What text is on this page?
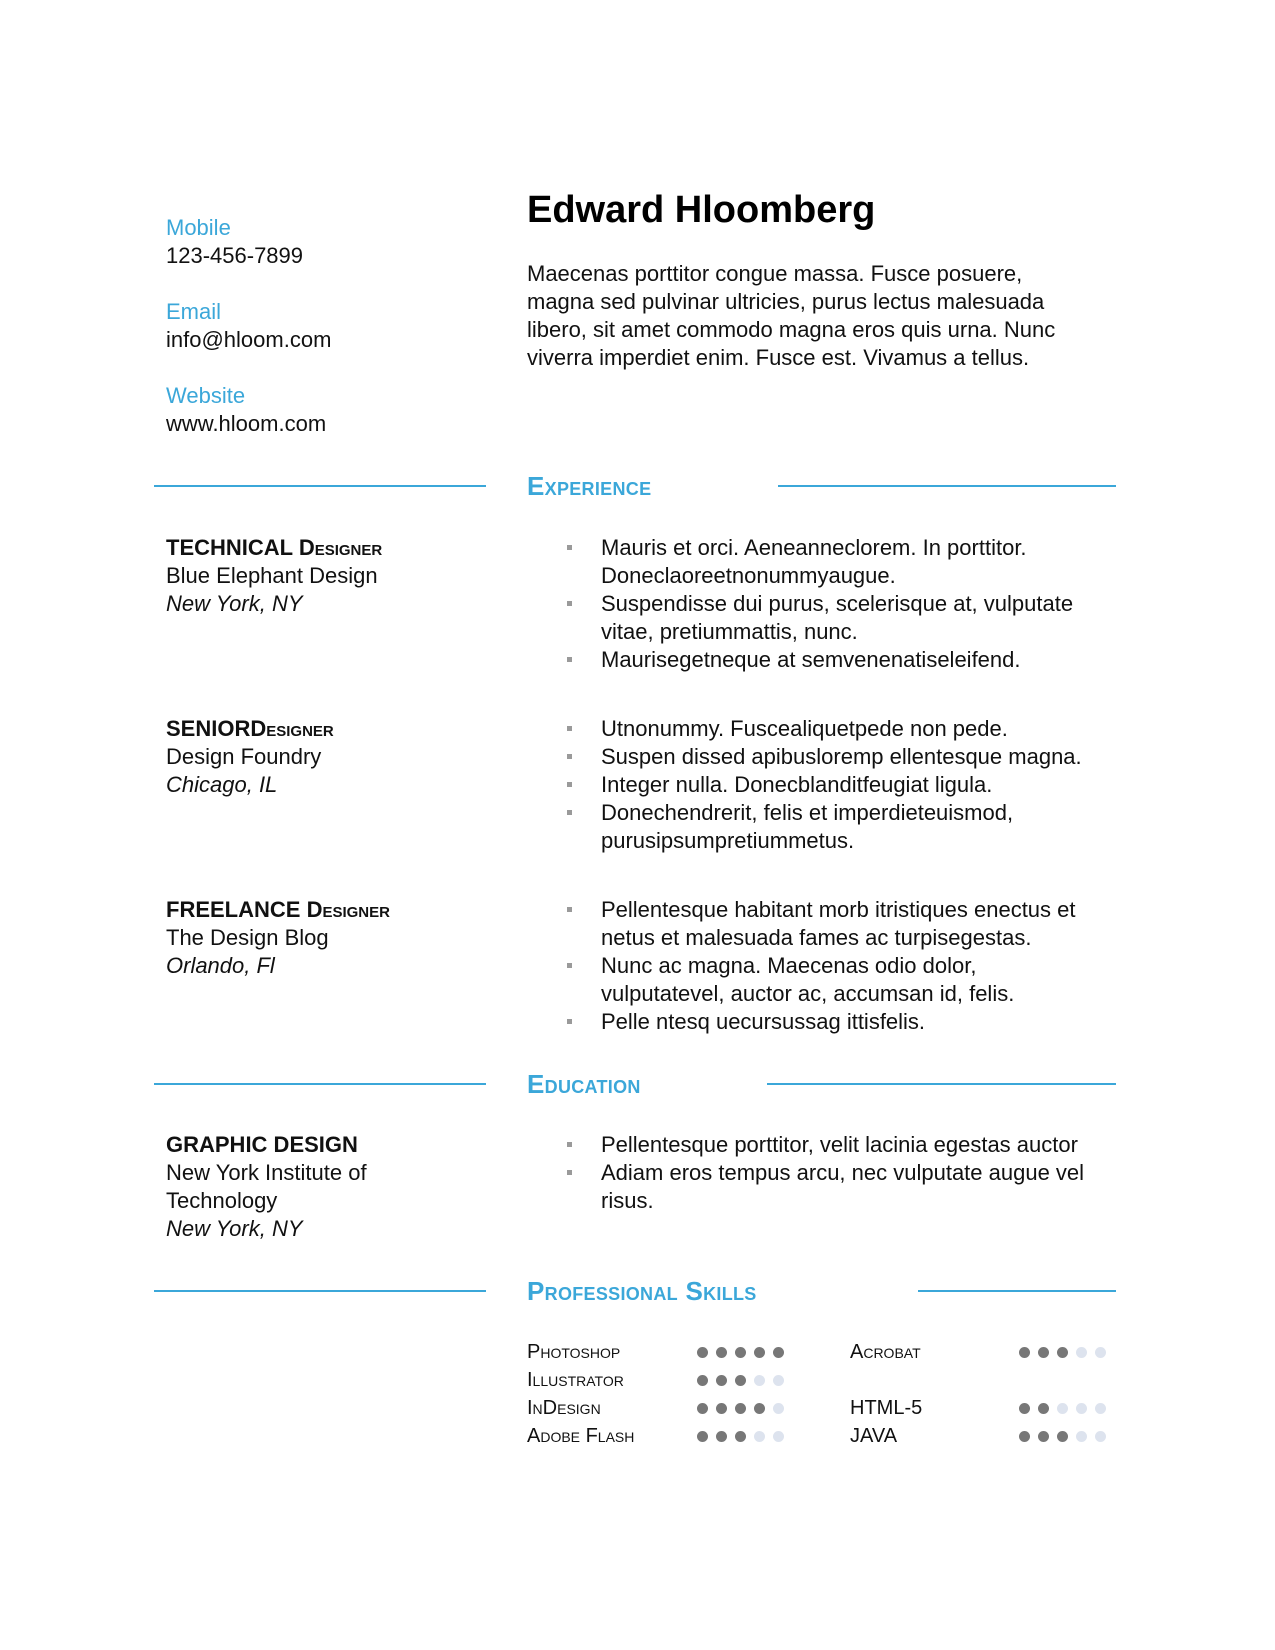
Mobile
123-456-7899
Email
info@hloom.com
Website
www.hloom.com
Edward Hloomberg
Maecenas porttitor congue massa. Fusce posuere, magna sed pulvinar ultricies, purus lectus malesuada libero, sit amet commodo magna eros quis urna. Nunc viverra imperdiet enim. Fusce est. Vivamus a tellus.
Experience
TECHNICAL Designer
Blue Elephant Design
New York, NY
Mauris et orci. Aeneanneclorem. In porttitor. Doneclaoreetnonummyaugue.
Suspendisse dui purus, scelerisque at, vulputate vitae, pretiummattis, nunc.
Maurisegetneque at semvenenatiseleifend.
SENIORDesigner
Design Foundry
Chicago, IL
Utnonummy. Fuscealiquetpede non pede.
Suspen dissed apibusloremp ellentesque magna.
Integer nulla. Donecblanditfeugiat ligula.
Donechendrerit, felis et imperdieteuismod, purusipsumpretiummetus.
FREELANCE Designer
The Design Blog
Orlando, Fl
Pellentesque habitant morb itristiques enectus et netus et malesuada fames ac turpisegestas.
Nunc ac magna. Maecenas odio dolor, vulputatevel, auctor ac, accumsan id, felis.
Pelle ntesq uecursussag ittisfelis.
Education
GRAPHIC DESIGN
New York Institute of Technology
New York, NY
Pellentesque porttitor, velit lacinia egestas auctor
Adiam eros tempus arcu, nec vulputate augue vel risus.
Professional Skills
Photoshop
Illustrator
InDesign
Adobe Flash
Acrobat
HTML-5
JAVA
